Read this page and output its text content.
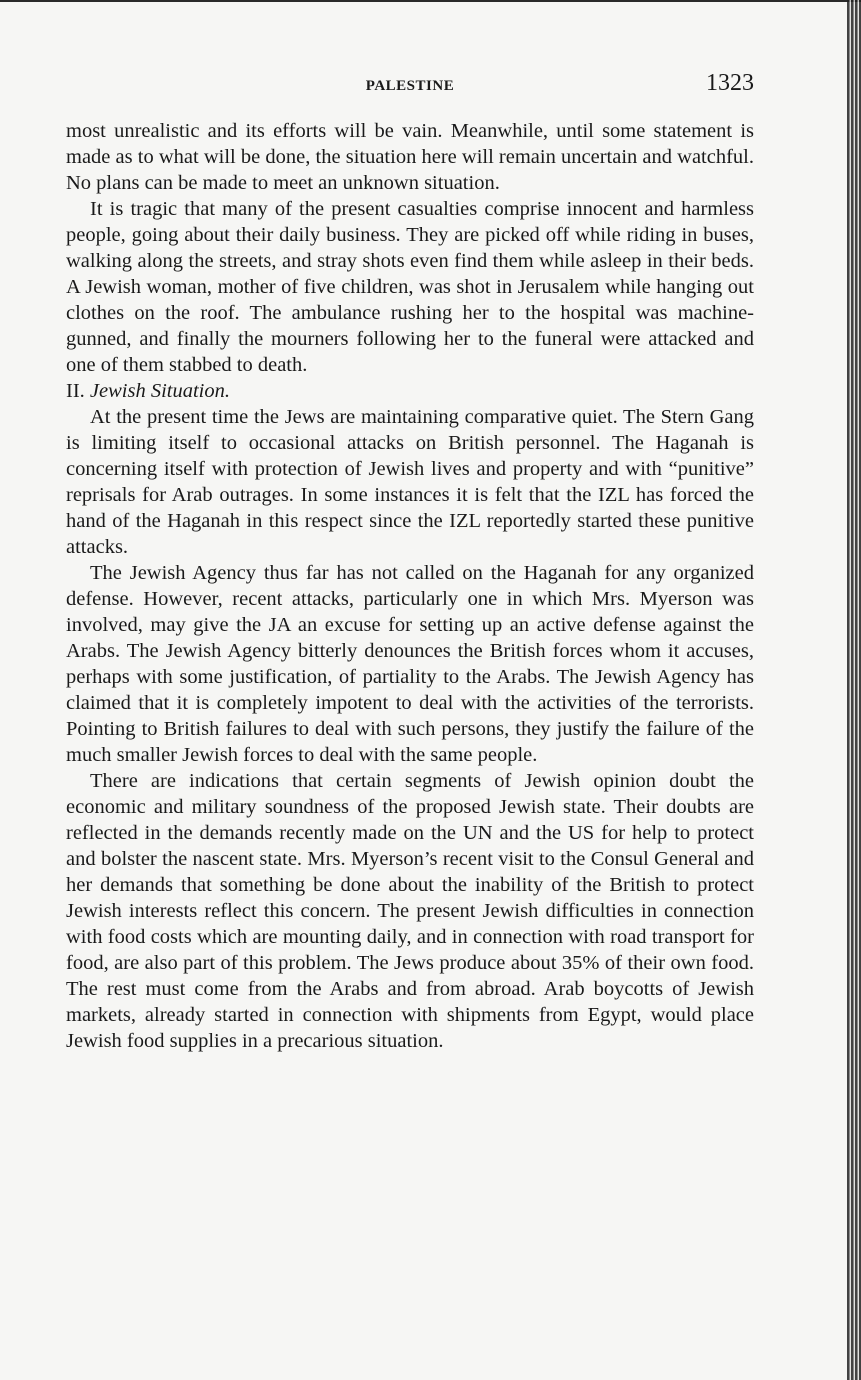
PALESTINE	1323

most unrealistic and its efforts will be vain. Meanwhile, until some statement is made as to what will be done, the situation here will remain uncertain and watchful. No plans can be made to meet an unknown situation.

It is tragic that many of the present casualties comprise innocent and harmless people, going about their daily business. They are picked off while riding in buses, walking along the streets, and stray shots even find them while asleep in their beds. A Jewish woman, mother of five children, was shot in Jerusalem while hanging out clothes on the roof. The ambulance rushing her to the hospital was machine-gunned, and finally the mourners following her to the funeral were attacked and one of them stabbed to death.

II. Jewish Situation.

At the present time the Jews are maintaining comparative quiet. The Stern Gang is limiting itself to occasional attacks on British personnel. The Haganah is concerning itself with protection of Jewish lives and property and with “punitive” reprisals for Arab outrages. In some instances it is felt that the IZL has forced the hand of the Haganah in this respect since the IZL reportedly started these punitive attacks.

The Jewish Agency thus far has not called on the Haganah for any organized defense. However, recent attacks, particularly one in which Mrs. Myerson was involved, may give the JA an excuse for setting up an active defense against the Arabs. The Jewish Agency bitterly denounces the British forces whom it accuses, perhaps with some justification, of partiality to the Arabs. The Jewish Agency has claimed that it is completely impotent to deal with the activities of the terrorists. Pointing to British failures to deal with such persons, they justify the failure of the much smaller Jewish forces to deal with the same people.

There are indications that certain segments of Jewish opinion doubt the economic and military soundness of the proposed Jewish state. Their doubts are reflected in the demands recently made on the UN and the US for help to protect and bolster the nascent state. Mrs. Myerson’s recent visit to the Consul General and her demands that something be done about the inability of the British to protect Jewish interests reflect this concern. The present Jewish difficulties in connection with food costs which are mounting daily, and in connection with road transport for food, are also part of this problem. The Jews produce about 35% of their own food. The rest must come from the Arabs and from abroad. Arab boycotts of Jewish markets, already started in connection with shipments from Egypt, would place Jewish food supplies in a precarious situation.
